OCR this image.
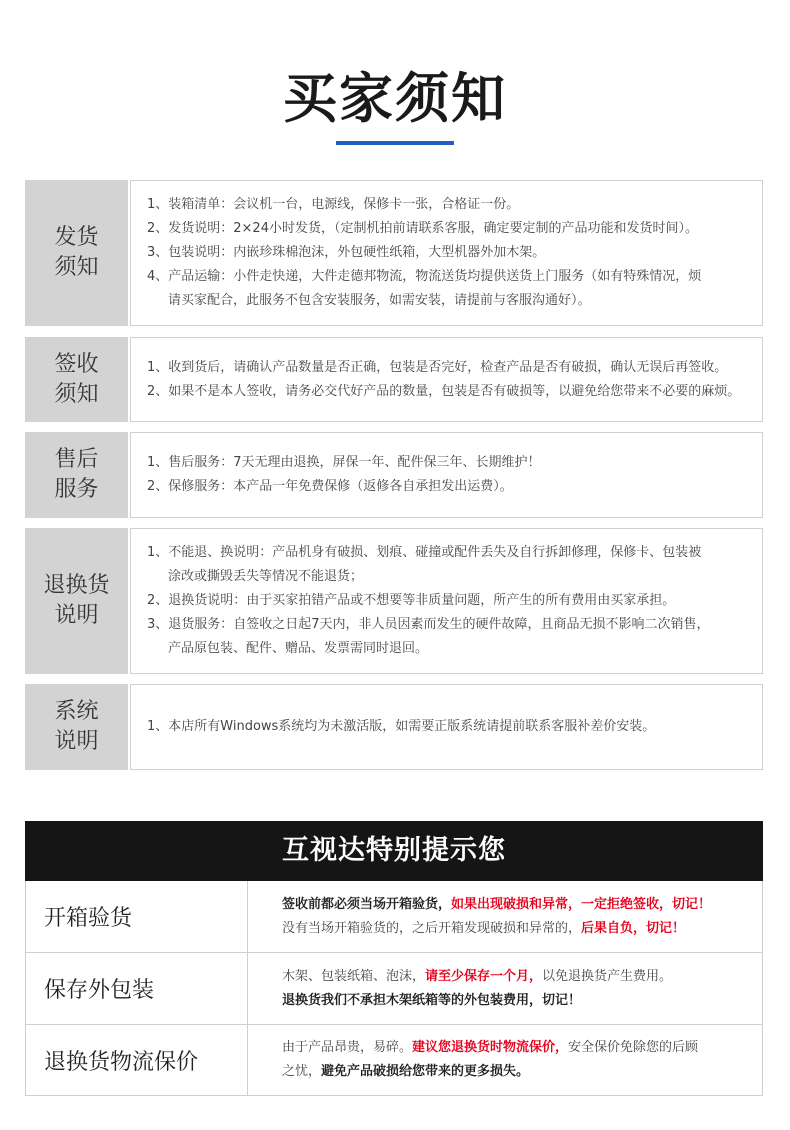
买家须知
发货
须知
1、装箱清单：会议机一台，电源线，保修卡一张，合格证一份。
2、发货说明：2×24小时发货，（定制机拍前请联系客服，确定要定制的产品功能和发货时间）。
3、包装说明：内嵌珍珠棉泡沫，外包硬性纸箱，大型机器外加木架。
4、产品运输：小件走快递，大件走德邦物流，物流送货均提供送货上门服务（如有特殊情况，烦
请买家配合，此服务不包含安装服务，如需安装，请提前与客服沟通好）。
签收
须知
1、收到货后，请确认产品数量是否正确，包装是否完好，检查产品是否有破损，确认无误后再签收。
2、如果不是本人签收，请务必交代好产品的数量，包装是否有破损等，以避免给您带来不必要的麻烦。
售后
服务
1、售后服务：7天无理由退换，屏保一年、配件保三年、长期维护！
2、保修服务：本产品一年免费保修（返修各自承担发出运费）。
退换货
说明
1、不能退、换说明：产品机身有破损、划痕、碰撞或配件丢失及自行拆卸修理，保修卡、包装被
涂改或撕毁丢失等情况不能退货；
2、退换货说明：由于买家拍错产品或不想要等非质量问题，所产生的所有费用由买家承担。
3、退货服务：自签收之日起7天内，非人员因素而发生的硬件故障，且商品无损不影响二次销售，
产品原包装、配件、赠品、发票需同时退回。
系统
说明
1、本店所有Windows系统均为未激活版，如需要正版系统请提前联系客服补差价安装。
互视达特别提示您
开箱验货
签收前都必须当场开箱验货，如果出现破损和异常，一定拒绝签收，切记！
没有当场开箱验货的，之后开箱发现破损和异常的，后果自负，切记！
保存外包装
木架、包装纸箱、泡沫，请至少保存一个月，以免退换货产生费用。
退换货我们不承担木架纸箱等的外包装费用，切记！
退换货物流保价
由于产品昂贵，易碎。建议您退换货时物流保价，安全保价免除您的后顾
之忧，避免产品破损给您带来的更多损失。
